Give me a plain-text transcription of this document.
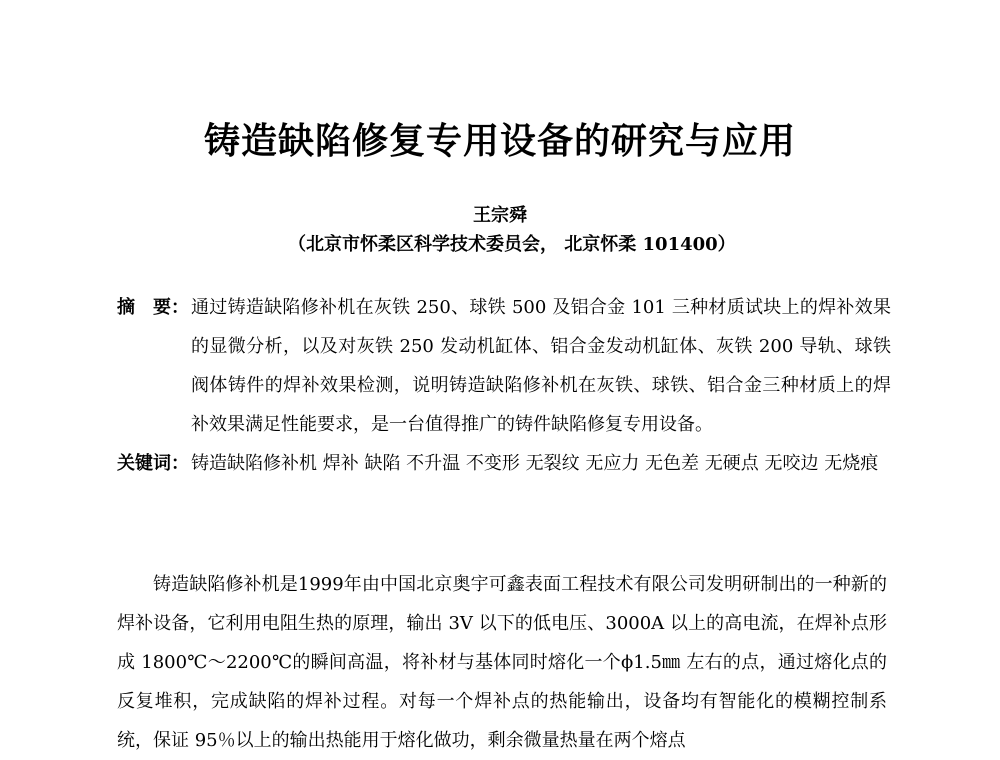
铸造缺陷修复专用设备的研究与应用
王宗舜
（北京市怀柔区科学技术委员会， 北京怀柔 101400）
摘　要： 通过铸造缺陷修补机在灰铁 250、球铁 500 及铝合金 101 三种材质试块上的焊补效果的显微分析，以及对灰铁 250 发动机缸体、铝合金发动机缸体、灰铁 200 导轨、球铁阀体铸件的焊补效果检测，说明铸造缺陷修补机在灰铁、球铁、铝合金三种材质上的焊补效果满足性能要求，是一台值得推广的铸件缺陷修复专用设备。
关键词： 铸造缺陷修补机 焊补 缺陷 不升温 不变形 无裂纹 无应力 无色差 无硬点 无咬边 无烧痕
铸造缺陷修补机是1999年由中国北京奥宇可鑫表面工程技术有限公司发明研制出的一种新的焊补设备，它利用电阻生热的原理，输出 3V 以下的低电压、3000A 以上的高电流，在焊补点形成 1800℃～2200℃的瞬间高温，将补材与基体同时熔化一个ϕ1.5㎜ 左右的点，通过熔化点的反复堆积，完成缺陷的焊补过程。对每一个焊补点的热能输出，设备均有智能化的模糊控制系统，保证 95％以上的输出热能用于熔化做功，剩余微量热量在两个熔点
